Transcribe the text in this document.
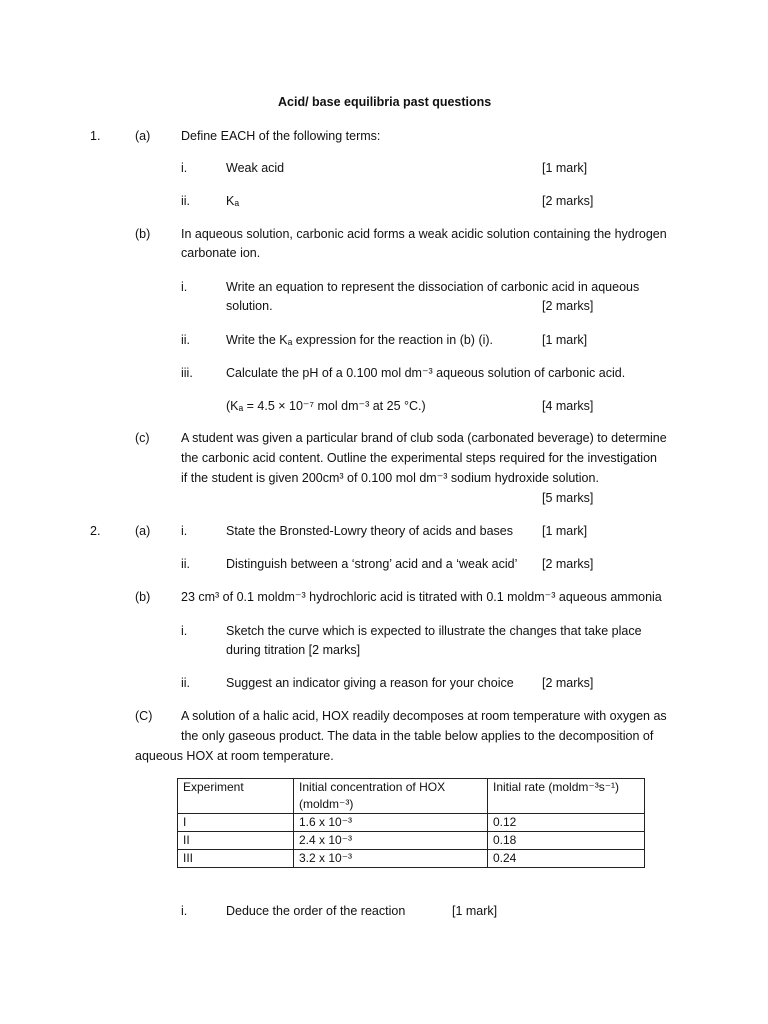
Acid/ base equilibria past questions
1.	(a) Define EACH of the following terms:
i.	Weak acid	[1 mark]
ii.	Kₐ	[2 marks]
(b) In aqueous solution, carbonic acid forms a weak acidic solution containing the hydrogen
carbonate ion.
i.	Write an equation to represent the dissociation of carbonic acid in aqueous
solution.	[2 marks]
ii.	Write the Kₐ expression for the reaction in (b) (i).	[1 mark]
iii.	Calculate the pH of a 0.100 mol dm⁻³ aqueous solution of carbonic acid.
(Kₐ = 4.5 × 10⁻⁷ mol dm⁻³ at 25 °C.)	[4 marks]
(c)	A student was given a particular brand of club soda (carbonated beverage) to determine
the carbonic acid content. Outline the experimental steps required for the investigation
if the student is given 200cm³ of 0.100 mol dm⁻³ sodium hydroxide solution.
[5 marks]
2.	(a) i.	State the Bronsted-Lowry theory of acids and bases [1 mark]
ii.	Distinguish between a ‘strong’ acid and a ‘weak acid’ [2 marks]
(b) 23 cm³ of 0.1 moldm⁻³ hydrochloric acid is titrated with 0.1 moldm⁻³ aqueous ammonia
i.	Sketch the curve which is expected to illustrate the changes that take place
during titration [2 marks]
ii.	Suggest an indicator giving a reason for your choice [2 marks]
(C) A solution of a halic acid, HOX readily decomposes at room temperature with oxygen as
the only gaseous product. The data in the table below applies to the decomposition of
aqueous HOX at room temperature.
Experiment	Initial concentration of HOX (moldm⁻³)	Initial rate (moldm⁻³s⁻¹)
I	1.6 x 10⁻³	0.12
II	2.4 x 10⁻³	0.18
III	3.2 x 10⁻³	0.24
i.	Deduce the order of the reaction	[1 mark]
